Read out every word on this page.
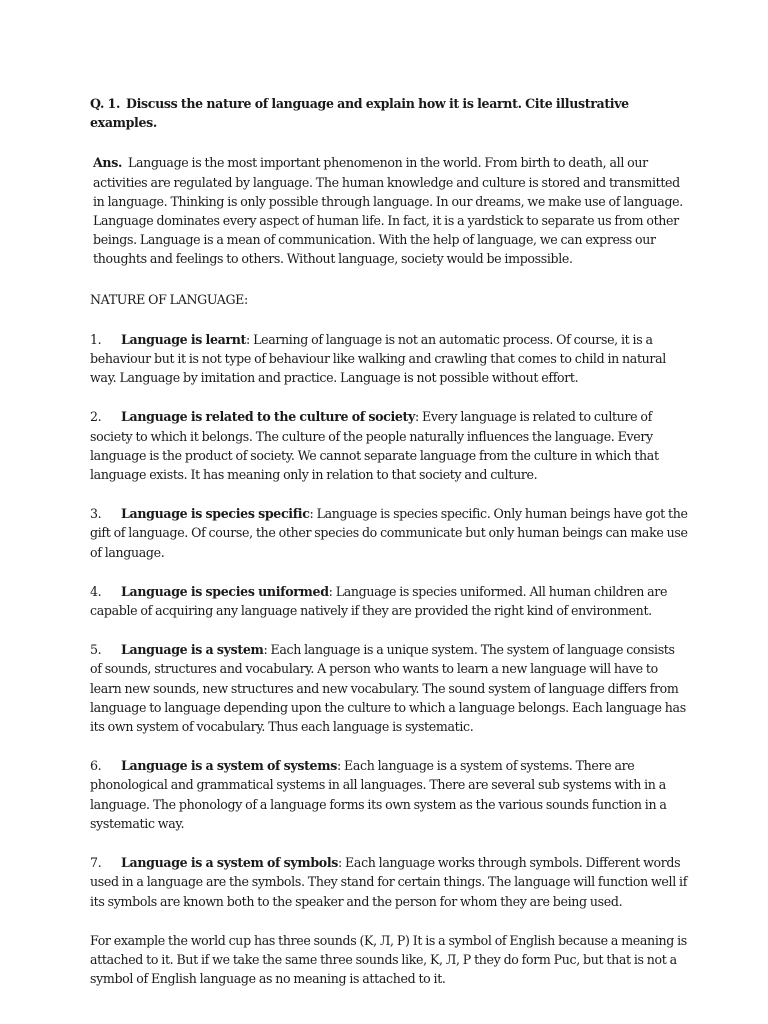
Q. 1. Discuss the nature of language and explain how it is learnt. Cite illustrative examples.

Ans. Language is the most important phenomenon in the world. From birth to death, all our activities are regulated by language. The human knowledge and culture is stored and transmitted in language. Thinking is only possible through language. In our dreams, we make use of language. Language dominates every aspect of human life. In fact, it is a yardstick to separate us from other beings. Language is a mean of communication. With the help of language, we can express our thoughts and feelings to others. Without language, society would be impossible.

NATURE OF LANGUAGE:

1. Language is learnt: Learning of language is not an automatic process. Of course, it is a behaviour but it is not type of behaviour like walking and crawling that comes to child in natural way. Language by imitation and practice. Language is not possible without effort.

2. Language is related to the culture of society: Every language is related to culture of society to which it belongs. The culture of the people naturally influences the language. Every language is the product of society. We cannot separate language from the culture in which that language exists. It has meaning only in relation to that society and culture.

3. Language is species specific: Language is species specific. Only human beings have got the gift of language. Of course, the other species do communicate but only human beings can make use of language.

4. Language is species uniformed: Language is species uniformed. All human children are capable of acquiring any language natively if they are provided the right kind of environment.

5. Language is a system: Each language is a unique system. The system of language consists of sounds, structures and vocabulary. A person who wants to learn a new language will have to learn new sounds, new structures and new vocabulary. The sound system of language differs from language to language depending upon the culture to which a language belongs. Each language has its own system of vocabulary. Thus each language is systematic.

6. Language is a system of systems: Each language is a system of systems. There are phonological and grammatical systems in all languages. There are several sub systems with in a language. The phonology of a language forms its own system as the various sounds function in a systematic way.

7. Language is a system of symbols: Each language works through symbols. Different words used in a language are the symbols. They stand for certain things. The language will function well if its symbols are known both to the speaker and the person for whom they are being used.

For example the world cup has three sounds (K, Л, P) It is a symbol of English because a meaning is attached to it. But if we take the same three sounds like, K, Л, P they do form Puc, but that is not a symbol of English language as no meaning is attached to it.
